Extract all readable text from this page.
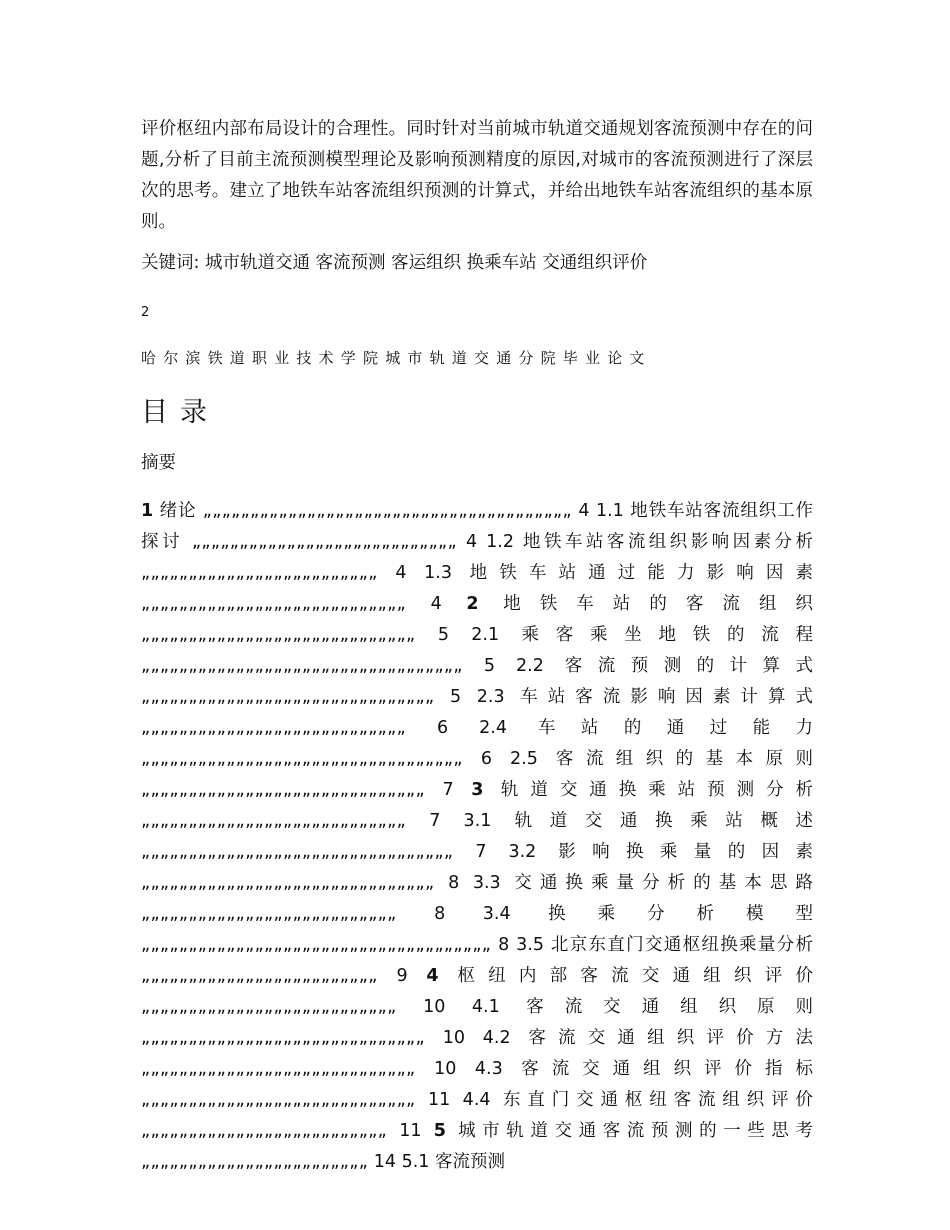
评价枢纽内部布局设计的合理性。同时针对当前城市轨道交通规划客流预测中存在的问题,分析了目前主流预测模型理论及影响预测精度的原因,对城市的客流预测进行了深层次的思考。建立了地铁车站客流组织预测的计算式，并给出地铁车站客流组织的基本原则。

关键词: 城市轨道交通 客流预测 客运组织 换乘车站 交通组织评价

2
哈尔滨铁道职业技术学院城市轨道交通分院毕业论文
目录
摘要

1 绪论 „„„„„„„„„„„„„„„„„„„„„„„„„„„„„„„„„„„„„„„ 4 1.1 地铁车站客流组织工作探讨 „„„„„„„„„„„„„„„„„„„„„„„„„„„„ 4 1.2 地铁车站客流组织影响因素分析„„„„„„„„„„„„„„„„„„„„„„„„„ 4 1.3 地铁车站通过能力影响因素„„„„„„„„„„„„„„„„„„„„„„„„„„„„ 4 2 地铁车站的客流组织 „„„„„„„„„„„„„„„„„„„„„„„„„„„„„ 5 2.1 乘客乘坐地铁的流程„„„„„„„„„„„„„„„„„„„„„„„„„„„„„„„„„„ 5 2.2 客流预测的计算式„„„„„„„„„„„„„„„„„„„„„„„„„„„„„„„ 5 2.3 车站客流影响因素计算式„„„„„„„„„„„„„„„„„„„„„„„„„„„„ 6 2.4 车站的通过能力„„„„„„„„„„„„„„„„„„„„„„„„„„„„„„„„„„ 6 2.5 客流组织的基本原则„„„„„„„„„„„„„„„„„„„„„„„„„„„„„„ 7 3 轨道交通换乘站预测分析„„„„„„„„„„„„„„„„„„„„„„„„„„„„ 7 3.1 轨道交通换乘站概述„„„„„„„„„„„„„„„„„„„„„„„„„„„„„„„„„ 7 3.2 影响换乘量的因素„„„„„„„„„„„„„„„„„„„„„„„„„„„„„„„ 8 3.3 交通换乘量分析的基本思路„„„„„„„„„„„„„„„„„„„„„„„„„„„ 8 3.4 换乘分析模型„„„„„„„„„„„„„„„„„„„„„„„„„„„„„„„„„„„„„ 8 3.5 北京东直门交通枢纽换乘量分析„„„„„„„„„„„„„„„„„„„„„„„„„ 9 4 枢纽内部客流交通组织评价„„„„„„„„„„„„„„„„„„„„„„„„„„„ 10 4.1 客流交通组织原则„„„„„„„„„„„„„„„„„„„„„„„„„„„„„„ 10 4.2 客流交通组织评价方法„„„„„„„„„„„„„„„„„„„„„„„„„„„„„ 10 4.3 客流交通组织评价指标„„„„„„„„„„„„„„„„„„„„„„„„„„„„„ 11 4.4 东直门交通枢纽客流组织评价„„„„„„„„„„„„„„„„„„„„„„„„„„ 11 5 城市轨道交通客流预测的一些思考„„„„„„„„„„„„„„„„„„„„„„„„ 14 5.1 客流预测
